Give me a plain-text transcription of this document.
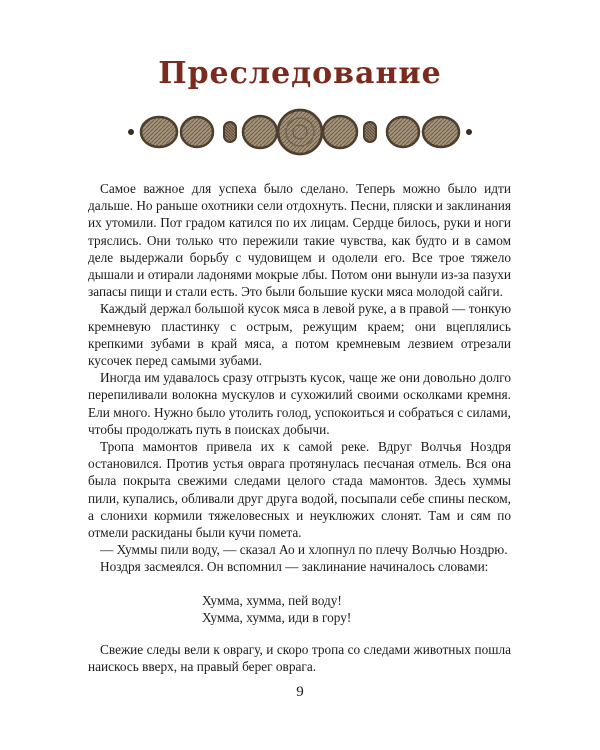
Преследование

Самое важное для успеха было сделано. Теперь можно было идти дальше. Но раньше охотники сели отдохнуть. Песни, пляски и заклинания их утомили. Пот градом катился по их лицам. Сердце билось, руки и ноги тряслись. Они только что пережили такие чувства, как будто и в самом деле выдержали борьбу с чудовищем и одолели его. Все трое тяжело дышали и отирали ладонями мокрые лбы. Потом они вынули из-за пазухи запасы пищи и стали есть. Это были большие куски мяса молодой сайги.

Каждый держал большой кусок мяса в левой руке, а в правой — тонкую кремневую пластинку с острым, режущим краем; они вцеплялись крепкими зубами в край мяса, а потом кремневым лезвием отрезали кусочек перед самыми зубами.

Иногда им удавалось сразу отгрызть кусок, чаще же они довольно долго перепиливали волокна мускулов и сухожилий своими осколками кремня. Ели много. Нужно было утолить голод, успокоиться и собраться с силами, чтобы продолжать путь в поисках добычи.

Тропа мамонтов привела их к самой реке. Вдруг Волчья Ноздря остановился. Против устья оврага протянулась песчаная отмель. Вся она была покрыта свежими следами целого стада мамонтов. Здесь хуммы пили, купались, обливали друг друга водой, посыпали себе спины песком, а слонихи кормили тяжеловесных и неуклюжих слонят. Там и сям по отмели раскиданы были кучи помета.

— Хуммы пили воду, — сказал Ао и хлопнул по плечу Волчью Ноздрю.

Ноздря засмеялся. Он вспомнил — заклинание начиналось словами:

Хумма, хумма, пей воду!
Хумма, хумма, иди в гору!

Свежие следы вели к оврагу, и скоро тропа со следами животных пошла наискось вверх, на правый берег оврага.

9
